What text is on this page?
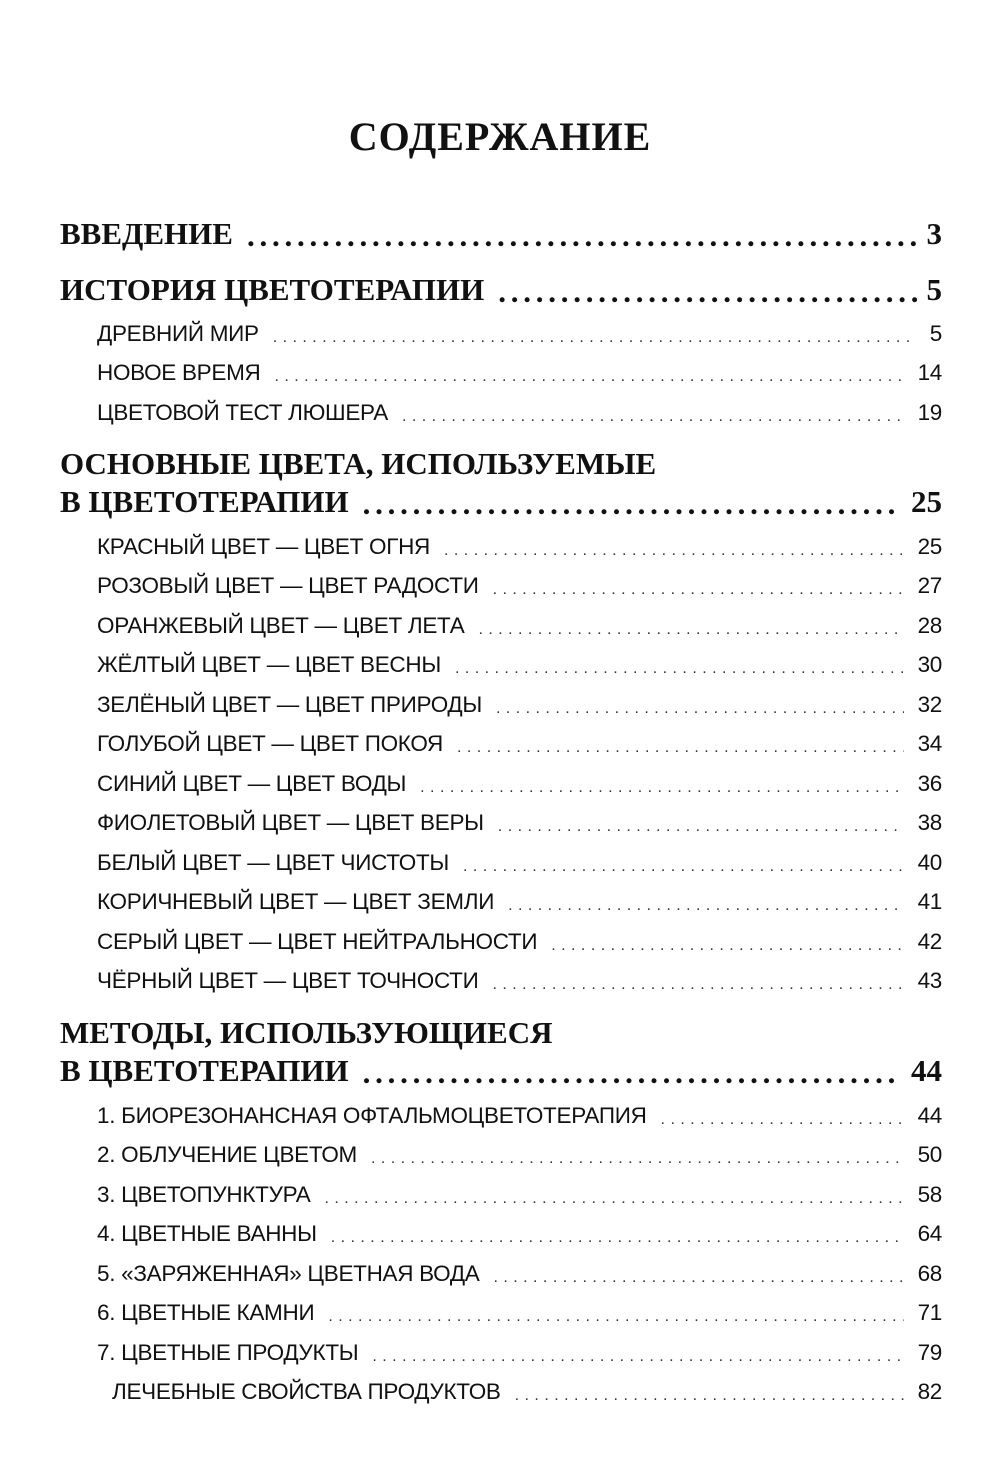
СОДЕРЖАНИЕ
ВВЕДЕНИЕ . . .	3
ИСТОРИЯ ЦВЕТОТЕРАПИИ . . .	5
ДРЕВНИЙ МИР . . .	5
НОВОЕ ВРЕМЯ . . .	14
ЦВЕТОВОЙ ТЕСТ ЛЮШЕРА . . .	19
ОСНОВНЫЕ ЦВЕТА, ИСПОЛЬЗУЕМЫЕ
В ЦВЕТОТЕРАПИИ . . .	25
КРАСНЫЙ ЦВЕТ — ЦВЕТ ОГНЯ . . .	25
РОЗОВЫЙ ЦВЕТ — ЦВЕТ РАДОСТИ . . .	27
ОРАНЖЕВЫЙ ЦВЕТ — ЦВЕТ ЛЕТА . . .	28
ЖЁЛТЫЙ ЦВЕТ — ЦВЕТ ВЕСНЫ . . .	30
ЗЕЛЁНЫЙ ЦВЕТ — ЦВЕТ ПРИРОДЫ . . .	32
ГОЛУБОЙ ЦВЕТ — ЦВЕТ ПОКОЯ . . .	34
СИНИЙ ЦВЕТ — ЦВЕТ ВОДЫ . . .	36
ФИОЛЕТОВЫЙ ЦВЕТ — ЦВЕТ ВЕРЫ . . .	38
БЕЛЫЙ ЦВЕТ — ЦВЕТ ЧИСТОТЫ . . .	40
КОРИЧНЕВЫЙ ЦВЕТ — ЦВЕТ ЗЕМЛИ . . .	41
СЕРЫЙ ЦВЕТ — ЦВЕТ НЕЙТРАЛЬНОСТИ . . .	42
ЧЁРНЫЙ ЦВЕТ — ЦВЕТ ТОЧНОСТИ . . .	43
МЕТОДЫ, ИСПОЛЬЗУЮЩИЕСЯ
В ЦВЕТОТЕРАПИИ . . .	44
1. БИОРЕЗОНАНСНАЯ ОФТАЛЬМОЦВЕТОТЕРАПИЯ . . .	44
2. ОБЛУЧЕНИЕ ЦВЕТОМ . . .	50
3. ЦВЕТОПУНКТУРА . . .	58
4. ЦВЕТНЫЕ ВАННЫ . . .	64
5. «ЗАРЯЖЕННАЯ» ЦВЕТНАЯ ВОДА . . .	68
6. ЦВЕТНЫЕ КАМНИ . . .	71
7. ЦВЕТНЫЕ ПРОДУКТЫ . . .	79
ЛЕЧЕБНЫЕ СВОЙСТВА ПРОДУКТОВ . . .	82
